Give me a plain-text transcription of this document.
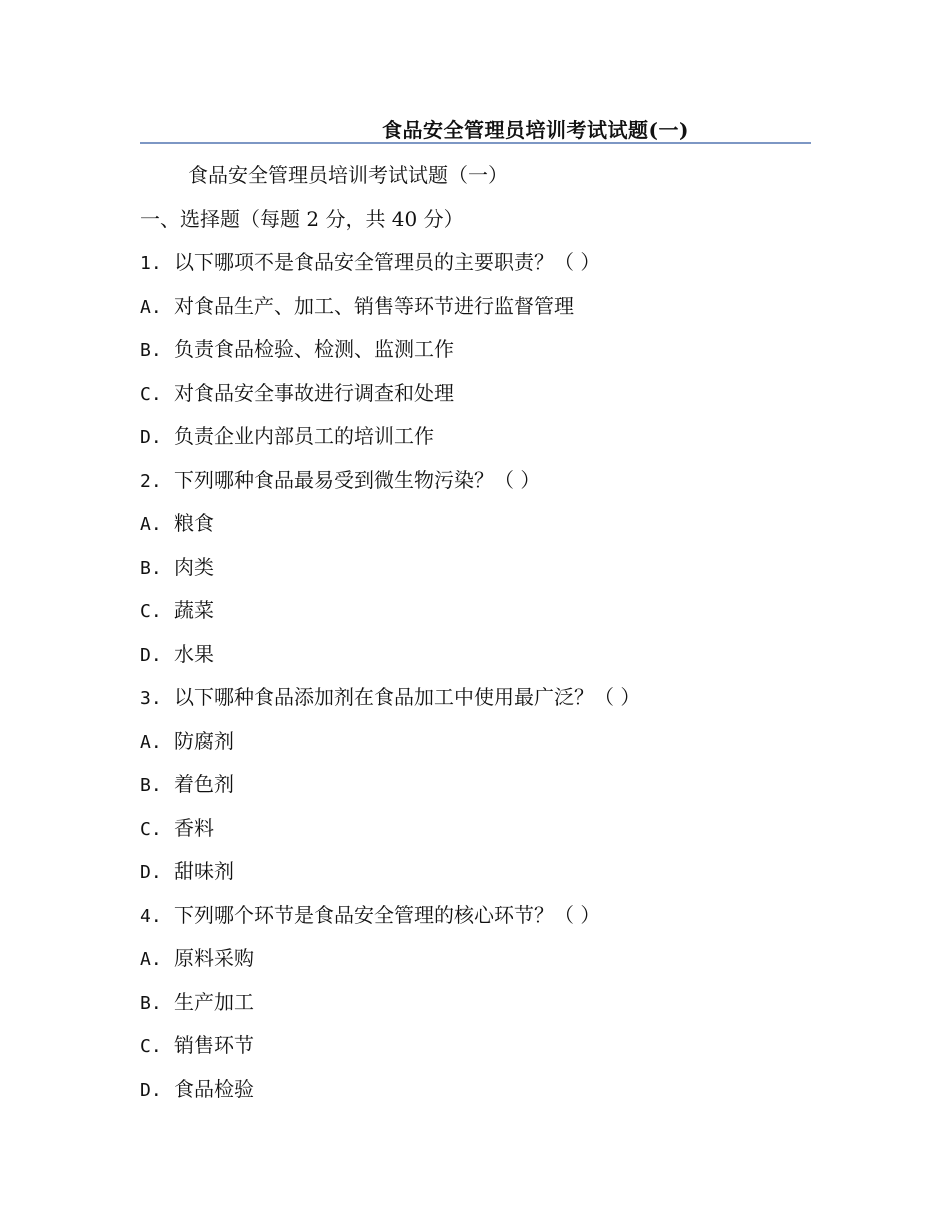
食品安全管理员培训考试试题(一)
食品安全管理员培训考试试题（一）
一、选择题（每题 2 分，共 40 分）
1. 以下哪项不是食品安全管理员的主要职责？（ ）
A. 对食品生产、加工、销售等环节进行监督管理
B. 负责食品检验、检测、监测工作
C. 对食品安全事故进行调查和处理
D. 负责企业内部员工的培训工作
2. 下列哪种食品最易受到微生物污染？（ ）
A. 粮食
B. 肉类
C. 蔬菜
D. 水果
3. 以下哪种食品添加剂在食品加工中使用最广泛？（ ）
A. 防腐剂
B. 着色剂
C. 香料
D. 甜味剂
4. 下列哪个环节是食品安全管理的核心环节？（ ）
A. 原料采购
B. 生产加工
C. 销售环节
D. 食品检验
